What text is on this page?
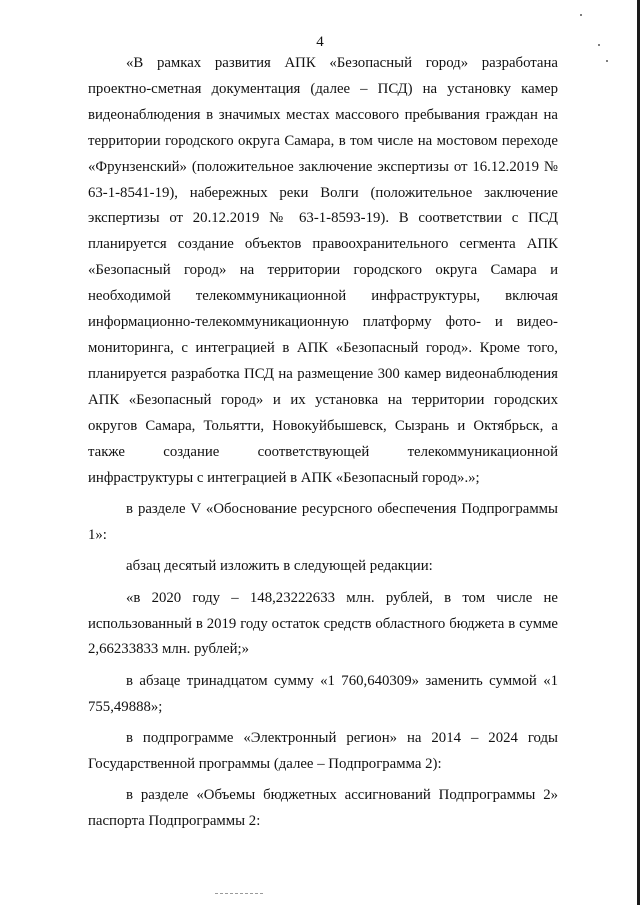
4

«В рамках развития АПК «Безопасный город» разработана проектно-сметная документация (далее – ПСД) на установку камер видеонаблюдения в значимых местах массового пребывания граждан на территории городского округа Самара, в том числе на мостовом переходе «Фрунзенский» (положительное заключение экспертизы от 16.12.2019 № 63-1-8541-19), набережных реки Волги (положительное заключение экспертизы от 20.12.2019 № 63-1-8593-19). В соответствии с ПСД планируется создание объектов правоохранительного сегмента АПК «Безопасный город» на территории городского округа Самара и необходимой телекоммуникационной инфраструктуры, включая информационно-телекоммуникационную платформу фото- и видео-мониторинга, с интеграцией в АПК «Безопасный город». Кроме того, планируется разработка ПСД на размещение 300 камер видеонаблюдения АПК «Безопасный город» и их установка на территории городских округов Самара, Тольятти, Новокуйбышевск, Сызрань и Октябрьск, а также создание соответствующей телекоммуникационной инфраструктуры с интеграцией в АПК «Безопасный город».»;

в разделе V «Обоснование ресурсного обеспечения Подпрограммы 1»:

абзац десятый изложить в следующей редакции:

«в 2020 году – 148,23222633 млн. рублей, в том числе не использованный в 2019 году остаток средств областного бюджета в сумме 2,66233833 млн. рублей;»

в абзаце тринадцатом сумму «1 760,640309» заменить суммой «1 755,49888»;

в подпрограмме «Электронный регион» на 2014 – 2024 годы Государственной программы (далее – Подпрограмма 2):

в разделе «Объемы бюджетных ассигнований Подпрограммы 2» паспорта Подпрограммы 2:
